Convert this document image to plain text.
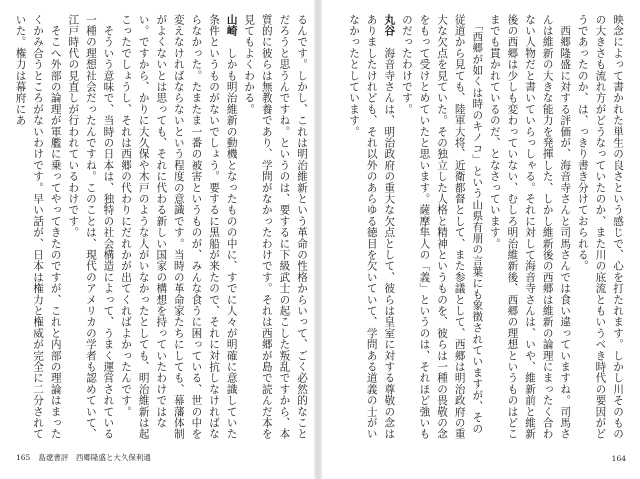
るんです。しかし、これは明治維新という革命の性格からいって、ごく必然的なことだろうと思うんですね。というのは、要するに下級武士の起こした叛乱ですから、本質的に彼らは無教養であり、学問がなかったわけです。それは西郷が島で読んだ本を見てもよくわかる。

山崎　しかも明治維新の動機となったものの中に、すでに人々が明確に意識していた条件というものがないでしょう。要するに黒船が来たので、それに対抗しなければならなかった。たまたま一番の被害というものが、みんな食うに困っている、世の中を変えなければならないという程度の意識です。当時の革命家たちにしても、幕藩体制がよくないとは思っても、それに代わる新しい国家の構想を持っていたわけではない。ですから、かりに大久保や木戸のような人がいなかったとしても、明治維新は起こったでしょうし、それは西郷の代わりにだれかが出てくればよかったんです。

　そういう意味で、当時の日本は、独特の社会構造によって、うまく運営されている一種の理想社会だったんですね。このことは、現代のアメリカの学者も認めていて、江戸時代の見直しが行われているわけです。

　そこへ外部の論理が軍艦に乗ってやってきたのですが、これと内部の理論はまったくかみ合うところがないわけです。早い話が、日本は権力と権威が完全に二分されていた。権力は幕府にあ

165 島遼書評　西郷隆盛と大久保利通

映念によって書かれた単生の良さという感じで、心を打たれます。しかし川そのものの大きさも流れ方がどうなっていたのか、また川の底流ともいうべき時代の要因がどうであったのか、は、っきり書き分けておられる。

　西郷隆盛に対する評価が、海音寺さんと司馬さんでは食い違っていますね。司馬さんは維新の大きな能力を発揮した、しかし維新後の西郷は維新の論理にまったく合わない人物だと書いていらっしゃる。それに対して海音寺さんは、いや、維新前と維新後の西郷は少しも変わっていない、むしろ明治維新後、西郷の理想というものはどこまでも貫かれているのだ、となさっています。

　「西郷が如くは時のキノコ」という山県有朋の言葉にも象徴されていますが、その従道から見ても、陸軍大将、近衛都督として、また参議として、西郷は明治政府の重大な欠点を見ていた。その独立した人格と精神というものを、彼らは一種の畏敬の念をもって受けとめていたと思います。薩摩隼人の「義」というのは、それほど強いものだったわけです。

丸谷　海音寺さんは、明治政府の重大な欠点として、彼らは皇室に対する尊敬の念はありましたけれども、それ以外のあらゆる徳目を欠いていて、学問ある道義の士がいなかったとしています。

164
